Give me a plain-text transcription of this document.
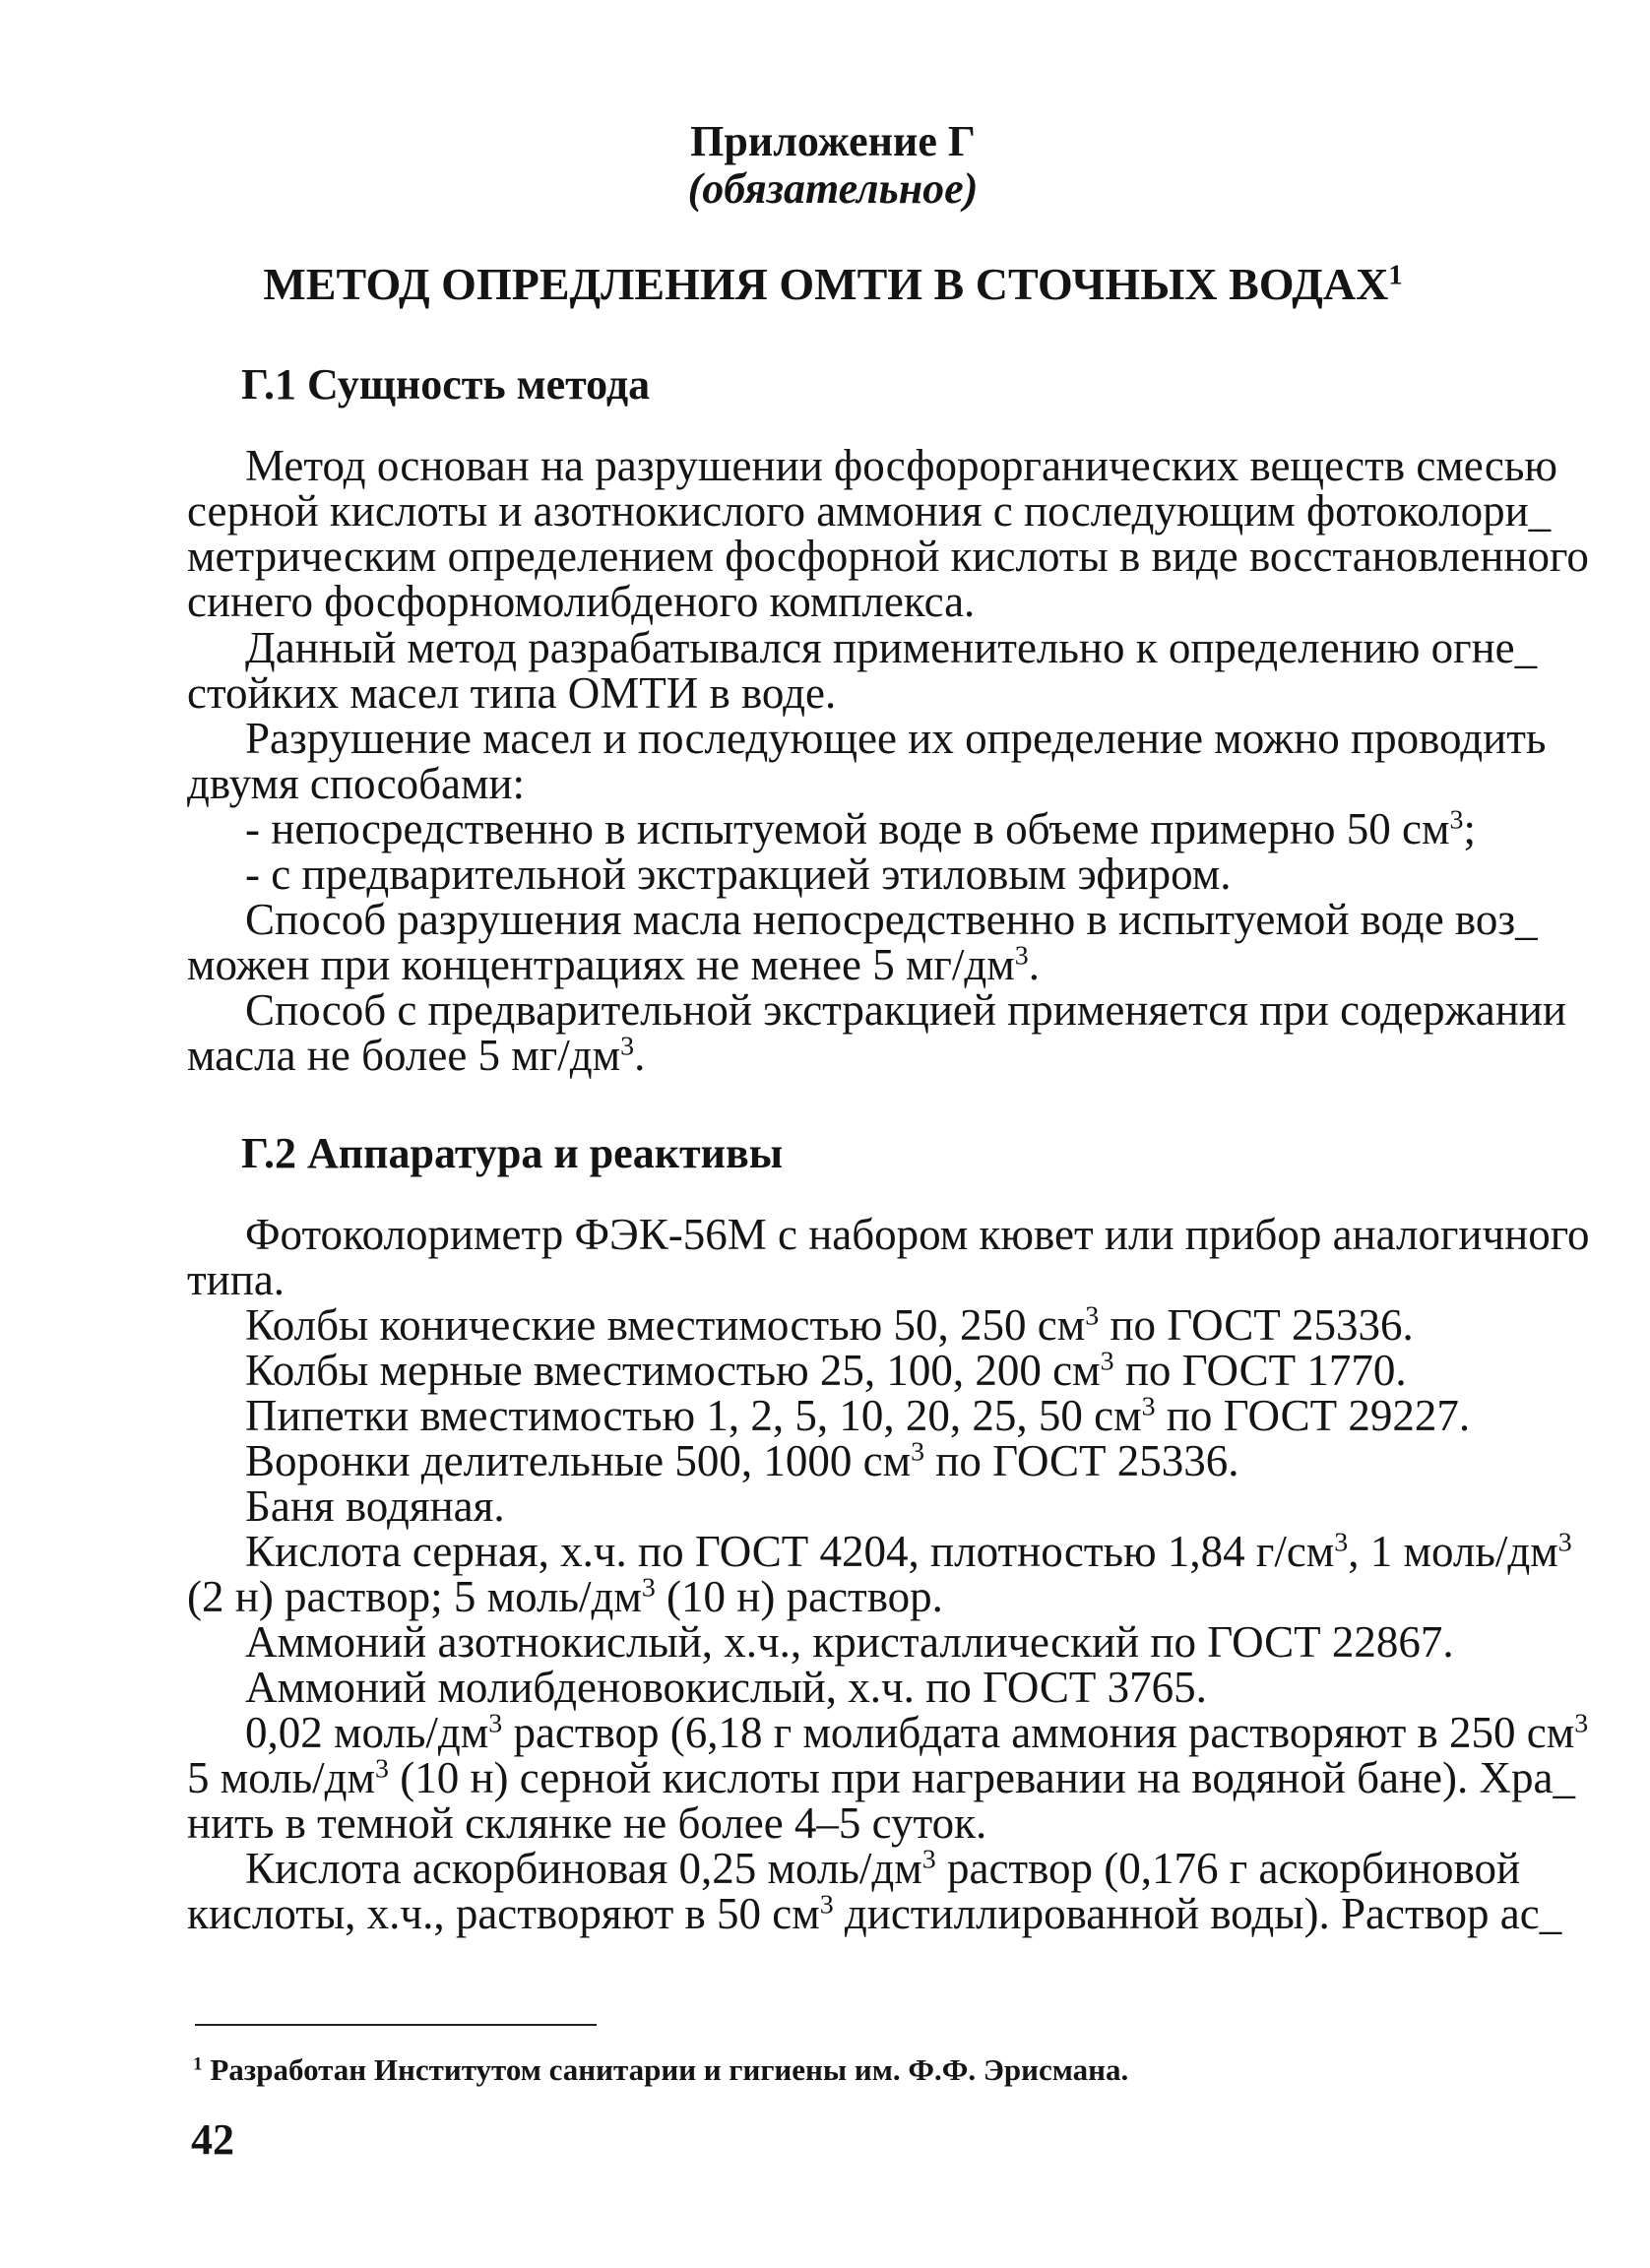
Приложение Г
(обязательное)
МЕТОД ОПРЕДЛЕНИЯ ОМТИ В СТОЧНЫХ ВОДАХ$^1$
Г.1 Сущность метода
Метод основан на разрушении фосфорорганических веществ смесью
серной кислоты и азотнокислого аммония с последующим фотоколори_
метрическим определением фосфорной кислоты в виде восстановленного
синего фосфорномолибденого комплекса.
Данный метод разрабатывался применительно к определению огне_
стойких масел типа ОМТИ в воде.
Разрушение масел и последующее их определение можно проводить
двумя способами:
- непосредственно в испытуемой воде в объеме примерно 50 $см^3$;
- с предварительной экстракцией этиловым эфиром.
Способ разрушения масла непосредственно в испытуемой воде воз_
можен при концентрациях не менее 5 $мг/дм^3$.
Способ с предварительной экстракцией применяется при содержании
масла не более 5 $мг/дм^3$.
Г.2 Аппаратура и реактивы
Фотоколориметр ФЭК-56М с набором кювет или прибор аналогичного
типа.
Колбы конические вместимостью 50, 250 $см^3$ по ГОСТ 25336.
Колбы мерные вместимостью 25, 100, 200 $см^3$ по ГОСТ 1770.
Пипетки вместимостью 1, 2, 5, 10, 20, 25, 50 $см^3$ по ГОСТ 29227.
Воронки делительные 500, 1000 $см^3$ по ГОСТ 25336.
Баня водяная.
Кислота серная, х.ч. по ГОСТ 4204, плотностью 1,84 $г/см^3$, 1 моль/$дм^3$
(2 н) раствор; 5 моль/$дм^3$ (10 н) раствор.
Аммоний азотнокислый, х.ч., кристаллический по ГОСТ 22867.
Аммоний молибденовокислый, х.ч. по ГОСТ 3765.
0,02 моль/$дм^3$ раствор (6,18 г молибдата аммония растворяют в 250 $см^3$
5 моль/$дм^3$ (10 н) серной кислоты при нагревании на водяной бане). Хра_
нить в темной склянке не более 4–5 суток.
Кислота аскорбиновая 0,25 моль/$дм^3$ раствор (0,176 г аскорбиновой
кислоты, х.ч., растворяют в 50 $см^3$ дистиллированной воды). Раствор ас_
$^1$ Разработан Институтом санитарии и гигиены им. Ф.Ф. Эрисмана.
42
